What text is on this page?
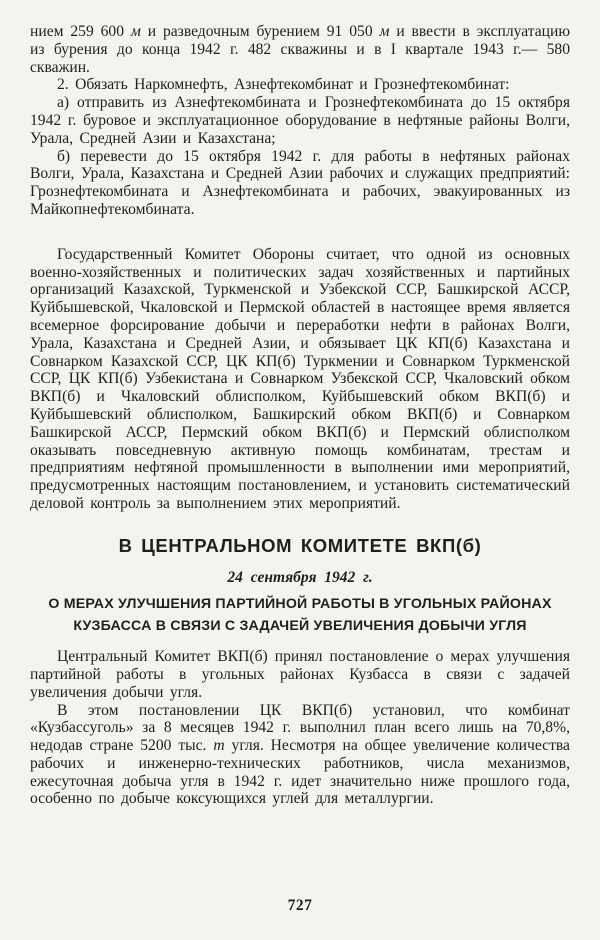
нием 259 600 м и разведочным бурением 91 050 м и ввести в эксплуатацию из бурения до конца 1942 г. 482 скважины и в I квартале 1943 г.— 580 скважин.

2. Обязать Наркомнефть, Азнефтекомбинат и Грознефтекомбинат:

а) отправить из Азнефтекомбината и Грознефтекомбината до 15 октября 1942 г. буровое и эксплуатационное оборудование в нефтяные районы Волги, Урала, Средней Азии и Казахстана;

б) перевести до 15 октября 1942 г. для работы в нефтяных районах Волги, Урала, Казахстана и Средней Азии рабочих и служащих предприятий: Грознефтекомбината и Азнефтекомбината и рабочих, эвакуированных из Майкопнефтекомбината.

Государственный Комитет Обороны считает, что одной из основных военно-хозяйственных и политических задач хозяйственных и партийных организаций Казахской, Туркменской и Узбекской ССР, Башкирской АССР, Куйбышевской, Чкаловской и Пермской областей в настоящее время является всемерное форсирование добычи и переработки нефти в районах Волги, Урала, Казахстана и Средней Азии, и обязывает ЦК КП(б) Казахстана и Совнарком Казахской ССР, ЦК КП(б) Туркмении и Совнарком Туркменской ССР, ЦК КП(б) Узбекистана и Совнарком Узбекской ССР, Чкаловский обком ВКП(б) и Чкаловский облисполком, Куйбышевский обком ВКП(б) и Куйбышевский облисполком, Башкирский обком ВКП(б) и Совнарком Башкирской АССР, Пермский обком ВКП(б) и Пермский облисполком оказывать повседневную активную помощь комбинатам, трестам и предприятиям нефтяной промышленности в выполнении ими мероприятий, предусмотренных настоящим постановлением, и установить систематический деловой контроль за выполнением этих мероприятий.

В ЦЕНТРАЛЬНОМ КОМИТЕТЕ ВКП(б)
24 сентября 1942 г.
О МЕРАХ УЛУЧШЕНИЯ ПАРТИЙНОЙ РАБОТЫ В УГОЛЬНЫХ РАЙОНАХ КУЗБАССА В СВЯЗИ С ЗАДАЧЕЙ УВЕЛИЧЕНИЯ ДОБЫЧИ УГЛЯ

Центральный Комитет ВКП(б) принял постановление о мерах улучшения партийной работы в угольных районах Кузбасса в связи с задачей увеличения добычи угля.

В этом постановлении ЦК ВКП(б) установил, что комбинат «Кузбассуголь» за 8 месяцев 1942 г. выполнил план всего лишь на 70,8%, недодав стране 5200 тыс. т угля. Несмотря на общее увеличение количества рабочих и инженерно-технических работников, числа механизмов, ежесуточная добыча угля в 1942 г. идет значительно ниже прошлого года, особенно по добыче коксующихся углей для металлургии.

727
